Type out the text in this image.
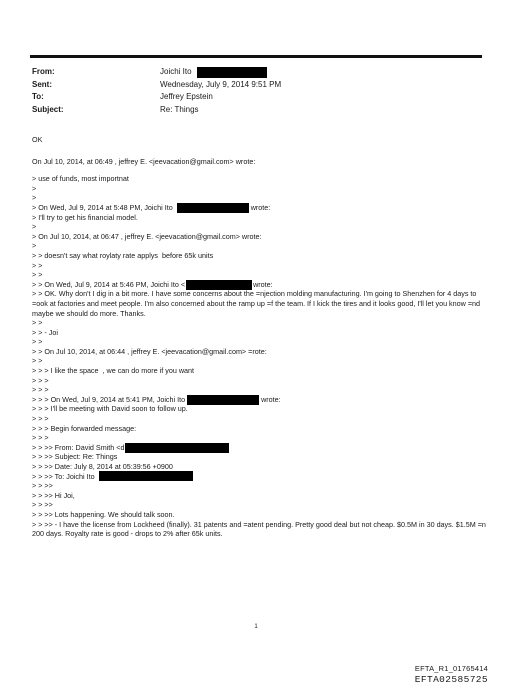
From:	Joichi Ito
Sent:	Wednesday, July 9, 2014 9:51 PM
To:	Jeffrey Epstein
Subject:	Re: Things
OK
On Jul 10, 2014, at 06:49 , jeffrey E. <jeevacation@gmail.com> wrote:
> use of funds, most importnat
>
>
> On Wed, Jul 9, 2014 at 5:48 PM, Joichi Ito	wrote:
> I'll try to get his financial model.
>
> On Jul 10, 2014, at 06:47 , jeffrey E. <jeevacation@gmail.com> wrote:
>
> > doesn't say what roylaty rate applys  before 65k units
> >
> >
> > On Wed, Jul 9, 2014 at 5:46 PM, Joichi Ito <	wrote:
> > OK. Why don't I dig in a bit more. I have some concerns about the =njection molding manufacturing. I'm going to Shenzhen for 4 days to =ook at factories and meet people. I'm also concerned about the ramp up =f the team. If I kick the tires and it looks good, I'll let you know =nd maybe we should do more. Thanks.
> >
> > - Joi
> >
> > On Jul 10, 2014, at 06:44 , jeffrey E. <jeevacation@gmail.com> =rote:
> >
> > > I like the space  , we can do more if you want
> > >
> > >
> > > On Wed, Jul 9, 2014 at 5:41 PM, Joichi Ito	wrote:
> > > I'll be meeting with David soon to follow up.
> > >
> > > Begin forwarded message:
> > >
> > >> From: David Smith <d
> > >> Subject: Re: Things
> > >> Date: July 8, 2014 at 05:39:56 +0900
> > >> To: Joichi Ito
> > >>
> > >> Hi Joi,
> > >>
> > >> Lots happening. We should talk soon.
> > >> - I have the license from Lockheed (finally). 31 patents and =atent pending. Pretty good deal but not cheap. $0.5M in 30 days. $1.5M =n 200 days. Royalty rate is good - drops to 2% after 65k units.
1
EFTA_R1_01765414
EFTA02585725
